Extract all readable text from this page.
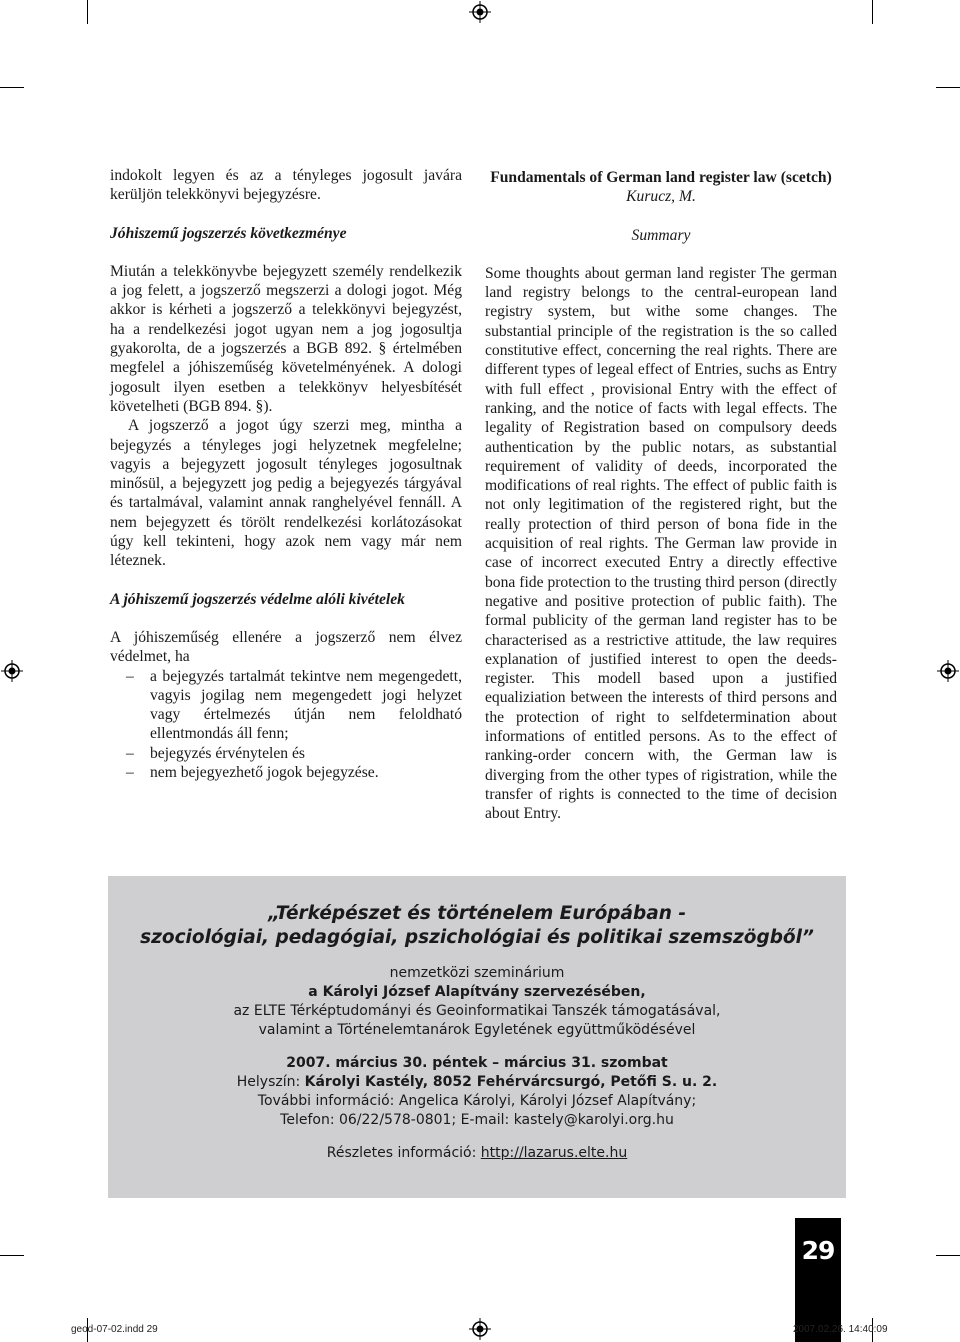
indokolt legyen és az a tényleges jogosult javára kerüljön telekkönyvi bejegyzésre.

Jóhiszemű jogszerzés következménye

Miután a telekkönyvbe bejegyzett személy rendelkezik a jog felett, a jogszerző megszerzi a dologi jogot. Még akkor is kérheti a jogszerző a telekkönyvi bejegyzést, ha a rendelkezési jogot ugyan nem a jog jogosultja gyakorolta, de a jogszerzés a BGB 892. § értelmében megfelel a jóhiszeműség követelményének. A dologi jogosult ilyen esetben a telekkönyv helyesbítését követelheti (BGB 894. §).

A jogszerző a jogot úgy szerzi meg, mintha a bejegyzés a tényleges jogi helyzetnek megfelelne; vagyis a bejegyzett jogosult tényleges jogosultnak minősül, a bejegyzett jog pedig a bejegyezés tárgyával és tartalmával, valamint annak ranghelyével fennáll. A nem bejegyzett és törölt rendelkezési korlátozásokat úgy kell tekinteni, hogy azok nem vagy már nem léteznek.

A jóhiszemű jogszerzés védelme alóli kivételek

A jóhiszeműség ellenére a jogszerző nem élvez védelmet, ha

– a bejegyzés tartalmát tekintve nem megengedett, vagyis jogilag nem megengedett jogi helyzet vagy értelmezés útján nem feloldható ellentmondás áll fenn;
– bejegyzés érvénytelen és
– nem bejegyezhető jogok bejegyzése.

Fundamentals of German land register law (scetch)

Kurucz, M.

Summary

Some thoughts about german land register The german land registry belongs to the central-european land registry system, but withe some changes. The substantial principle of the registration is the so called constitutive effect, concerning the real rights. There are different types of legeal effect of Entries, suchs as Entry with full effect , provisional Entry with the effect of ranking, and the notice of facts with legal effects. The legality of Registration based on compulsory deeds authentication by the public notars, as substantial requirement of validity of deeds, incorporated the modifications of real rights. The effect of public faith is not only legitimation of the registered right, but the really protection of third person of bona fide in the acquisition of real rights. The German law provide in case of incorrect executed Entry a directly effective bona fide protection to the trusting third person (directly negative and positive protection of public faith). The formal publicity of the german land register has to be characterised as a restrictive attitude, the law requires explanation of justified interest to open the deeds-register. This modell based upon a justified equaliziation between the interests of third persons and the protection of right to selfdetermination about informations of entitled persons. As to the effect of ranking-order concern with, the German law is diverging from the other types of rigistration, while the transfer of rights is connected to the time of decision about Entry.

„Térképészet és történelem Európában -

szociológiai, pedagógiai, pszichológiai és politikai szemszögből”

nemzetközi szeminárium

a Károlyi József Alapítvány szervezésében,

az ELTE Térképtudományi és Geoinformatikai Tanszék támogatásával,

valamint a Történelemtanárok Egyletének együttműködésével

2007. március 30. péntek – március 31. szombat

Helyszín: Károlyi Kastély, 8052 Fehérvárcsurgó, Petőfi S. u. 2.

További információ: Angelica Károlyi, Károlyi József Alapítvány;

Telefon: 06/22/578-0801; E-mail: kastely@karolyi.org.hu

Részletes információ: http://lazarus.elte.hu

29
geod-07-02.indd 29	2007.02.26. 14:40:09
